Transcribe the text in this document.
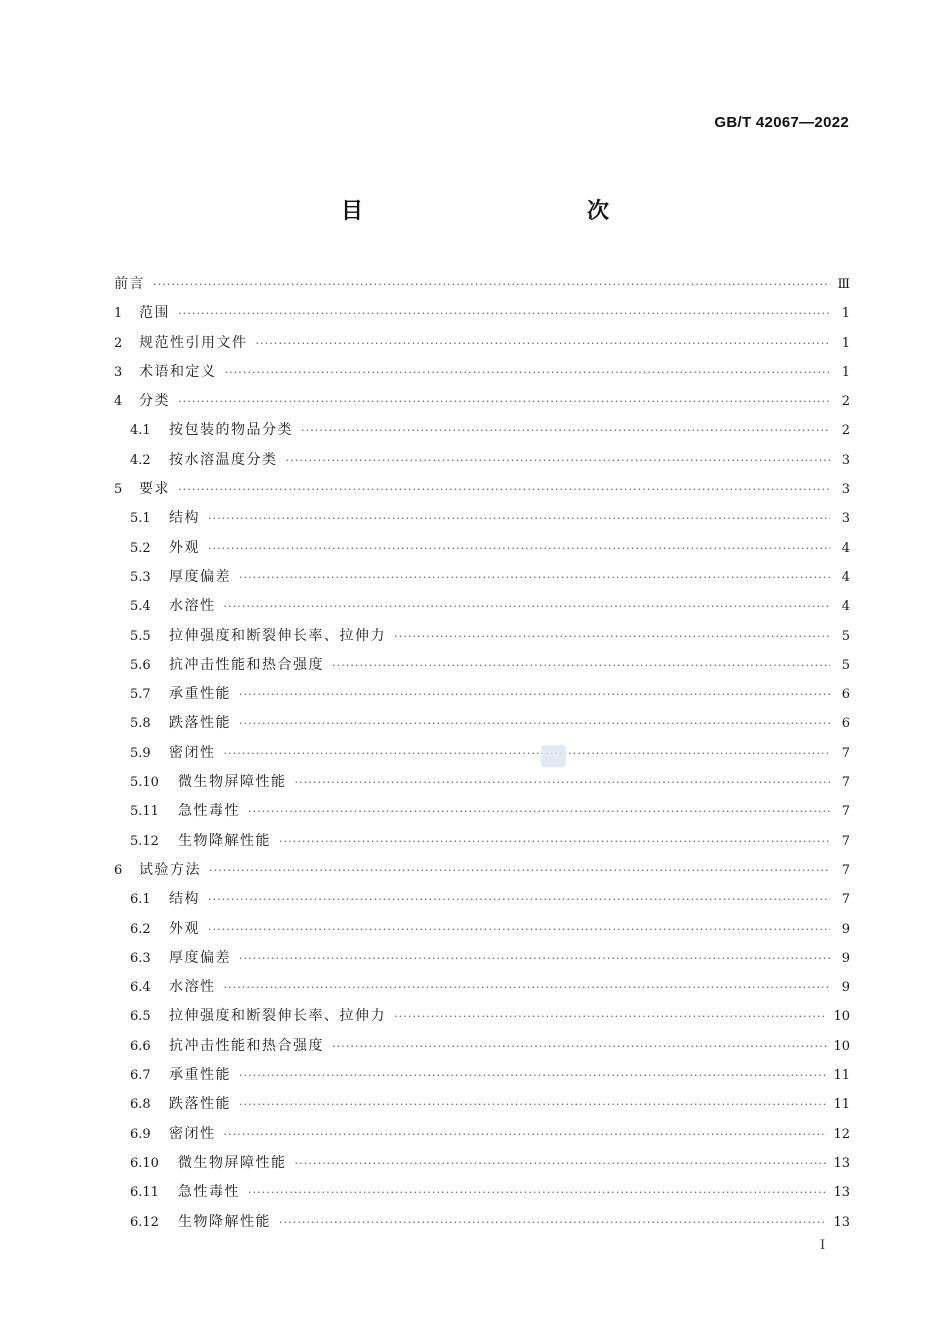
GB/T 42067—2022
目　　次
前言 ·····	Ⅲ
1	范围 ·····	1
2	规范性引用文件 ·····	1
3	术语和定义 ·····	1
4	分类 ·····	2
4.1	按包装的物品分类 ·····	2
4.2	按水溶温度分类 ·····	3
5	要求 ·····	3
5.1	结构 ·····	3
5.2	外观 ·····	4
5.3	厚度偏差 ·····	4
5.4	水溶性 ·····	4
5.5	拉伸强度和断裂伸长率、拉伸力 ·····	5
5.6	抗冲击性能和热合强度 ·····	5
5.7	承重性能 ·····	6
5.8	跌落性能 ·····	6
5.9	密闭性 ·····	7
5.10	微生物屏障性能 ·····	7
5.11	急性毒性 ·····	7
5.12	生物降解性能 ·····	7
6	试验方法 ·····	7
6.1	结构 ·····	7
6.2	外观 ·····	9
6.3	厚度偏差 ·····	9
6.4	水溶性 ·····	9
6.5	拉伸强度和断裂伸长率、拉伸力 ·····	10
6.6	抗冲击性能和热合强度 ·····	10
6.7	承重性能 ·····	11
6.8	跌落性能 ·····	11
6.9	密闭性 ·····	12
6.10	微生物屏障性能 ·····	13
6.11	急性毒性 ·····	13
6.12	生物降解性能 ·····	13
I
